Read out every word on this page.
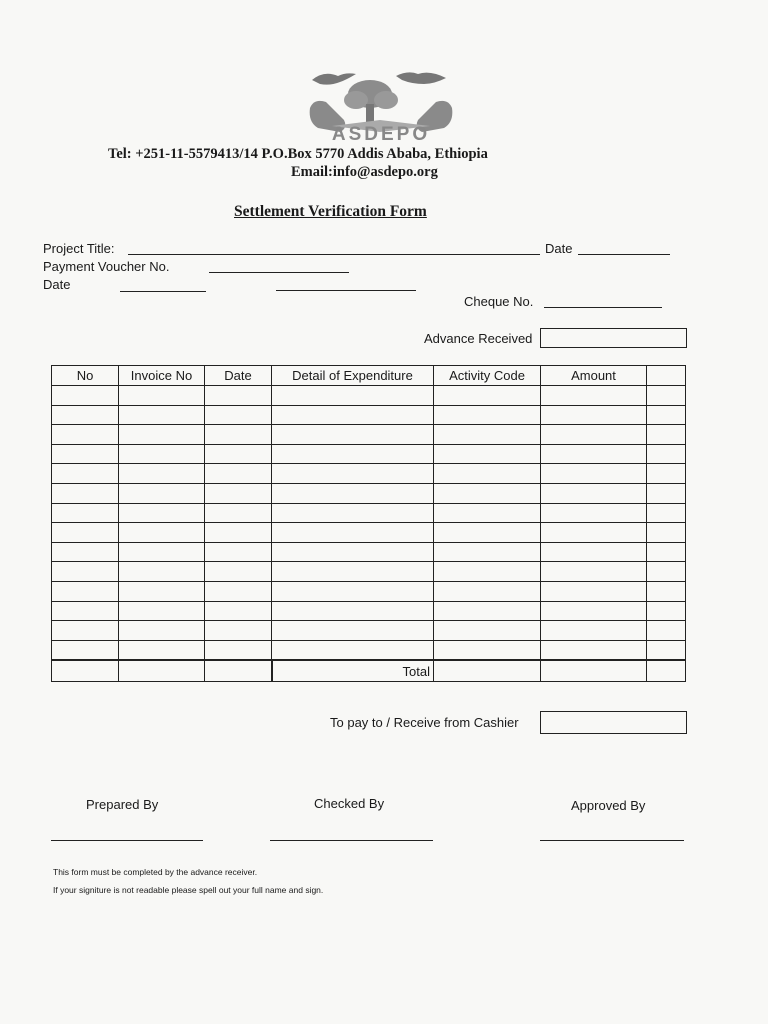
ASDEPO
Tel: +251-11-5579413/14 P.O.Box 5770 Addis Ababa, Ethiopia
Email:info@asdepo.org
Settlement Verification Form
Project Title:	Date
Payment Voucher No.
Date
Cheque No.
Advance Received
No	Invoice No	Date	Detail of Expenditure	Activity Code	Amount	

			Total			
To pay to / Receive from Cashier
Prepared By	Checked By	Approved By
This form must be completed by the advance receiver.
If your signiture is not readable please spell out your full name and sign.
